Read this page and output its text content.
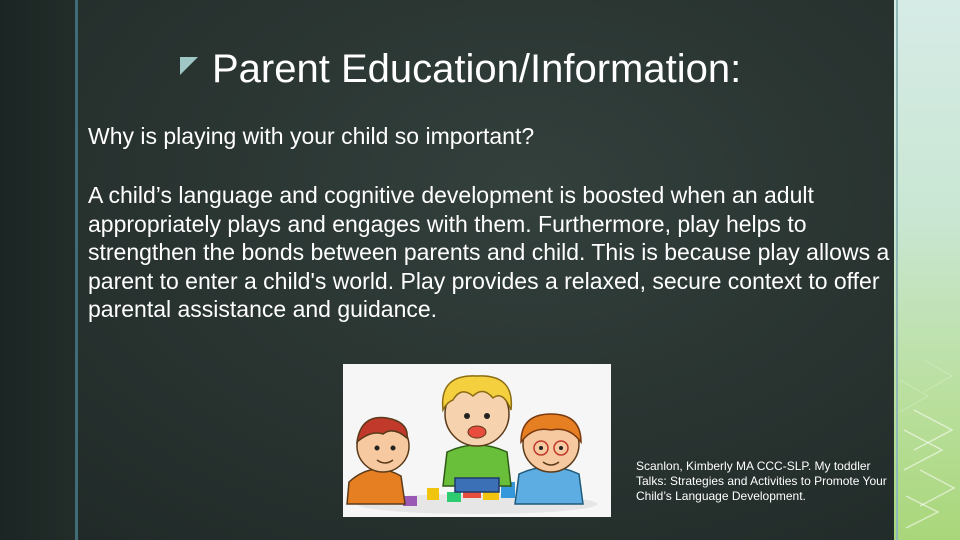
Parent Education/Information:
Why is playing with your child so important?
A child’s language and cognitive development is boosted when an adult appropriately plays and engages with them. Furthermore, play helps to strengthen the bonds between parents and child. This is because play allows a parent to enter a child's world. Play provides a relaxed, secure context to offer parental assistance and guidance.
Scanlon, Kimberly MA CCC-SLP. My toddler Talks: Strategies and Activities to Promote Your Child’s Language Development.
